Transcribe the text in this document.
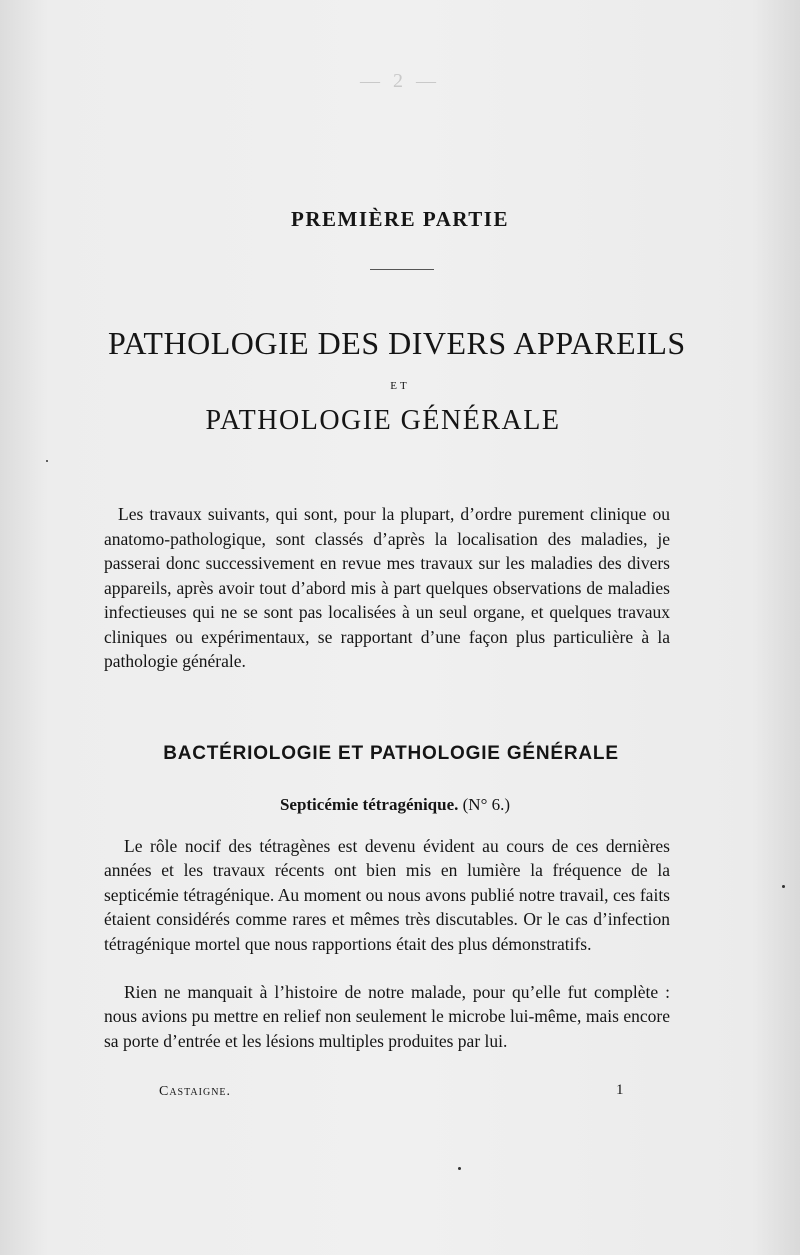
— 2 —
PREMIÈRE PARTIE
PATHOLOGIE DES DIVERS APPAREILS
ET
PATHOLOGIE GÉNÉRALE

Les travaux suivants, qui sont, pour la plupart, d’ordre purement clinique ou anatomo-pathologique, sont classés d’après la localisation des maladies, je passerai donc successivement en revue mes travaux sur les maladies des divers appareils, après avoir tout d’abord mis à part quelques observations de maladies infectieuses qui ne se sont pas localisées à un seul organe, et quelques travaux cliniques ou expérimentaux, se rapportant d’une façon plus particulière à la pathologie générale.

BACTÉRIOLOGIE ET PATHOLOGIE GÉNÉRALE
Septicémie tétragénique. (N° 6.)

Le rôle nocif des tétragènes est devenu évident au cours de ces dernières années et les travaux récents ont bien mis en lumière la fréquence de la septicémie tétragénique. Au moment ou nous avons publié notre travail, ces faits étaient considérés comme rares et mêmes très discutables. Or le cas d’infection tétragénique mortel que nous rapportions était des plus démonstratifs.

Rien ne manquait à l’histoire de notre malade, pour qu’elle fut complète : nous avions pu mettre en relief non seulement le microbe lui-même, mais encore sa porte d’entrée et les lésions multiples produites par lui.

Castaigne.	1
